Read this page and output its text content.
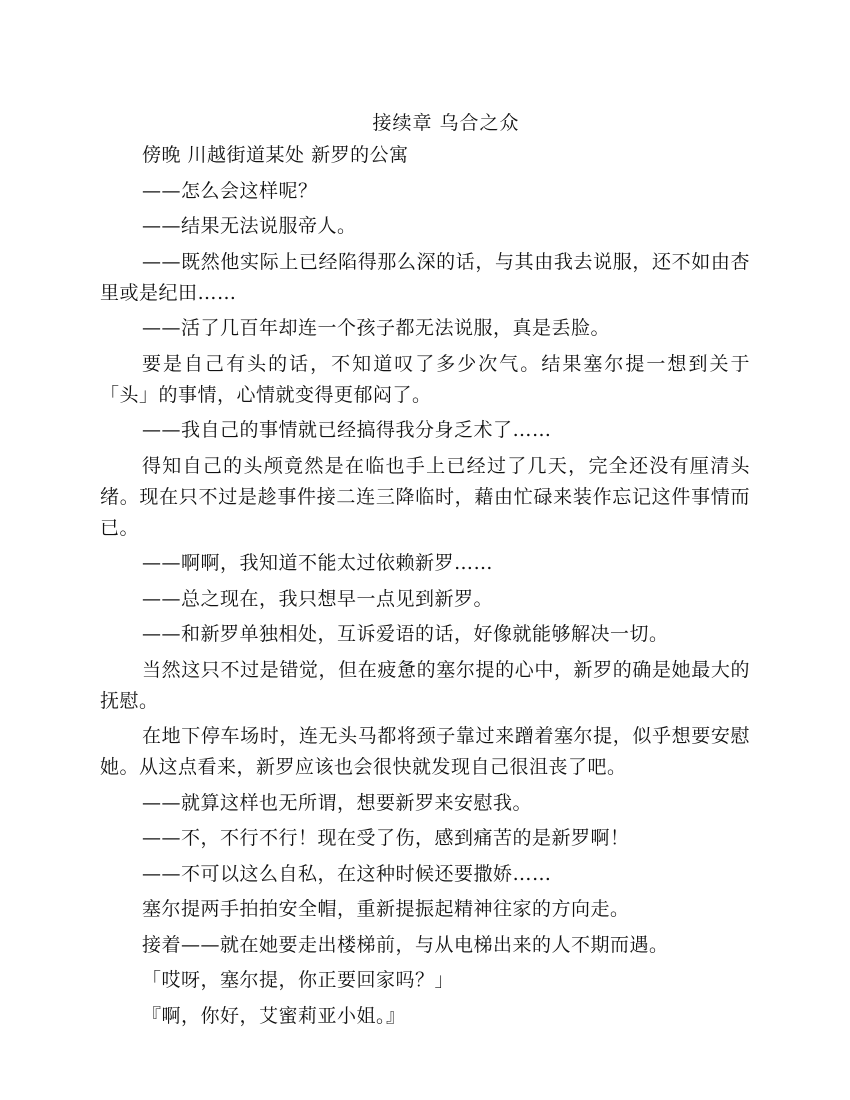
接续章 乌合之众

傍晚 川越街道某处 新罗的公寓

——怎么会这样呢？

——结果无法说服帝人。

——既然他实际上已经陷得那么深的话，与其由我去说服，还不如由杏里或是纪田……

——活了几百年却连一个孩子都无法说服，真是丢脸。

要是自己有头的话，不知道叹了多少次气。结果塞尔提一想到关于「头」的事情，心情就变得更郁闷了。

——我自己的事情就已经搞得我分身乏术了……

得知自己的头颅竟然是在临也手上已经过了几天，完全还没有厘清头绪。现在只不过是趁事件接二连三降临时，藉由忙碌来装作忘记这件事情而已。

——啊啊，我知道不能太过依赖新罗……

——总之现在，我只想早一点见到新罗。

——和新罗单独相处，互诉爱语的话，好像就能够解决一切。

当然这只不过是错觉，但在疲惫的塞尔提的心中，新罗的确是她最大的抚慰。

在地下停车场时，连无头马都将颈子靠过来蹭着塞尔提，似乎想要安慰她。从这点看来，新罗应该也会很快就发现自己很沮丧了吧。

——就算这样也无所谓，想要新罗来安慰我。

——不，不行不行！现在受了伤，感到痛苦的是新罗啊！

——不可以这么自私，在这种时候还要撒娇……

塞尔提两手拍拍安全帽，重新提振起精神往家的方向走。

接着——就在她要走出楼梯前，与从电梯出来的人不期而遇。

「哎呀，塞尔提，你正要回家吗？」

『啊，你好，艾蜜莉亚小姐。』
